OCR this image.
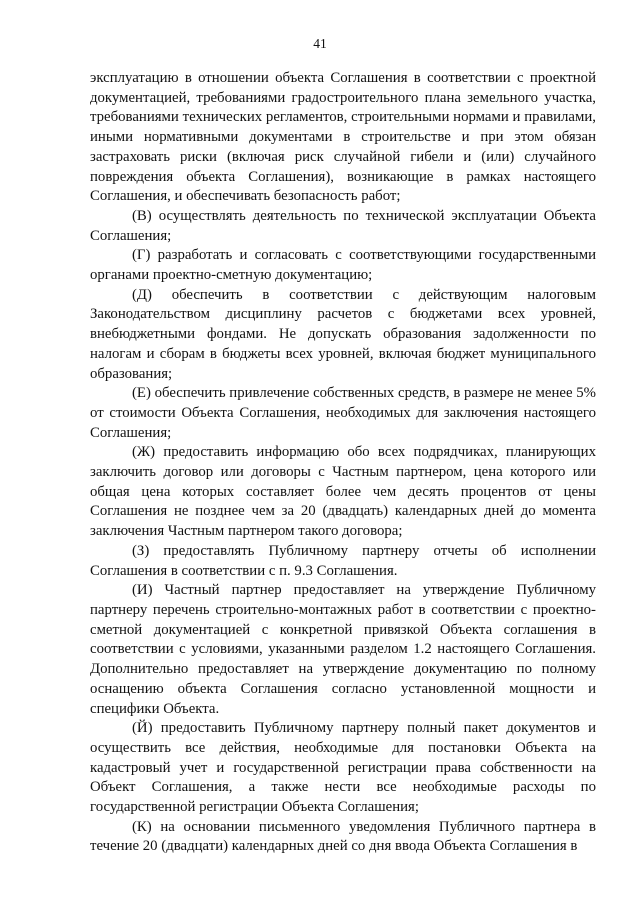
41

эксплуатацию в отношении объекта Соглашения в соответствии с проектной документацией, требованиями градостроительного плана земельного участка, требованиями технических регламентов, строительными нормами и правилами, иными нормативными документами в строительстве и при этом обязан застраховать риски (включая риск случайной гибели и (или) случайного повреждения объекта Соглашения), возникающие в рамках настоящего Соглашения, и обеспечивать безопасность работ;

(В) осуществлять деятельность по технической эксплуатации Объекта Соглашения;

(Г) разработать и согласовать с соответствующими государственными органами проектно-сметную документацию;

(Д) обеспечить в соответствии с действующим налоговым Законодательством дисциплину расчетов с бюджетами всех уровней, внебюджетными фондами. Не допускать образования задолженности по налогам и сборам в бюджеты всех уровней, включая бюджет муниципального образования;

(Е) обеспечить привлечение собственных средств, в размере не менее 5% от стоимости Объекта Соглашения, необходимых для заключения настоящего Соглашения;

(Ж) предоставить информацию обо всех подрядчиках, планирующих заключить договор или договоры с Частным партнером, цена которого или общая цена которых составляет более чем десять процентов от цены Соглашения не позднее чем за 20 (двадцать) календарных дней до момента заключения Частным партнером такого договора;

(З) предоставлять Публичному партнеру отчеты об исполнении Соглашения в соответствии с п. 9.3 Соглашения.

(И) Частный партнер предоставляет на утверждение Публичному партнеру перечень строительно-монтажных работ в соответствии с проектно-сметной документацией с конкретной привязкой Объекта соглашения в соответствии с условиями, указанными разделом 1.2 настоящего Соглашения. Дополнительно предоставляет на утверждение документацию по полному оснащению объекта Соглашения согласно установленной мощности и специфики Объекта.

(Й) предоставить Публичному партнеру полный пакет документов и осуществить все действия, необходимые для постановки Объекта на кадастровый учет и государственной регистрации права собственности на Объект Соглашения, а также нести все необходимые расходы по государственной регистрации Объекта Соглашения;

(К) на основании письменного уведомления Публичного партнера в течение 20 (двадцати) календарных дней со дня ввода Объекта Соглашения в
